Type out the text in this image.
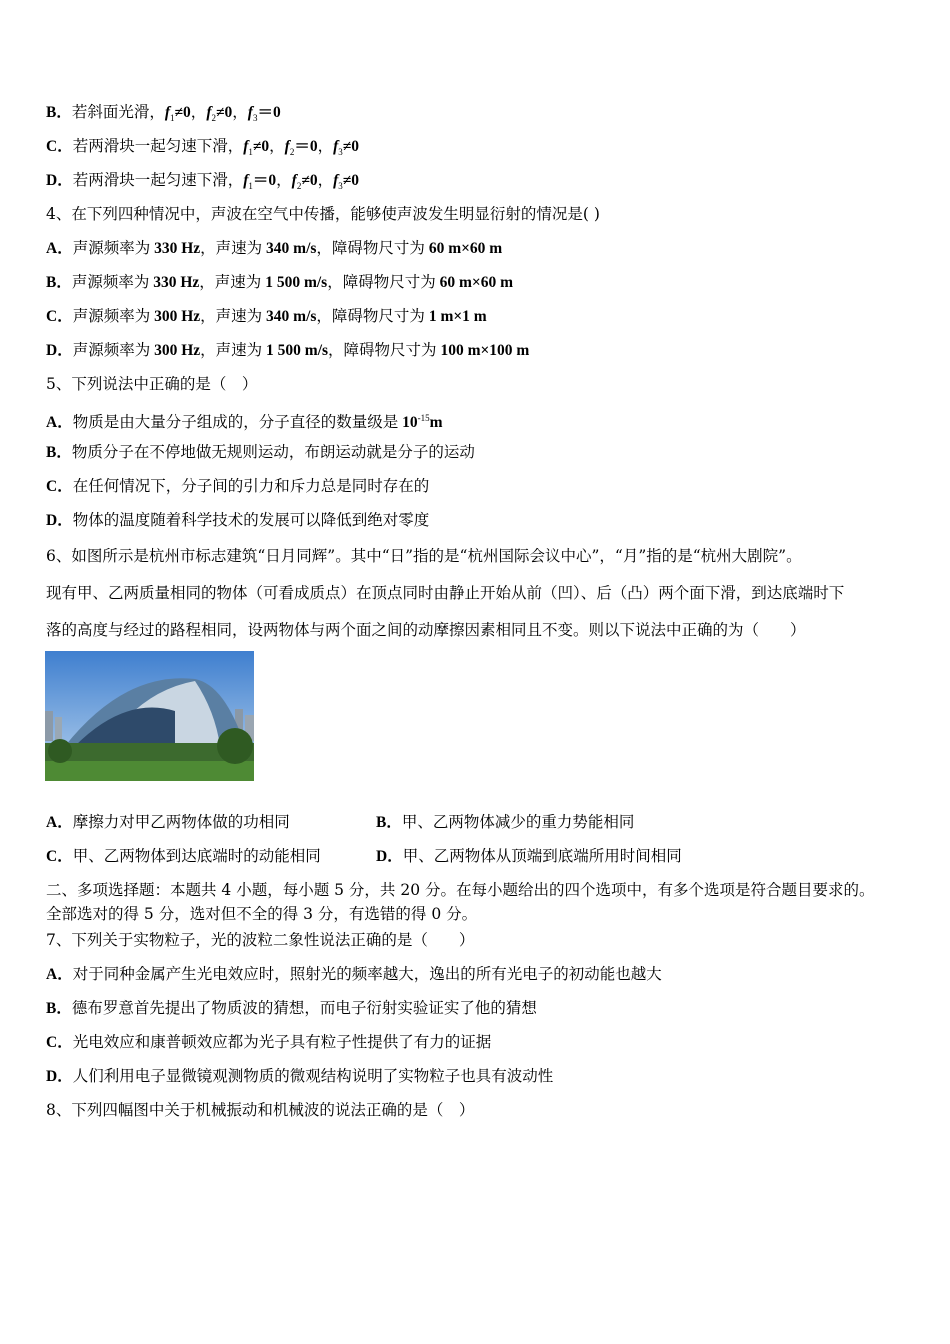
B．若斜面光滑，$f_1\ne 0$，$f_2\ne 0$，$f_3=0$
C．若两滑块一起匀速下滑，$f_1\ne 0$，$f_2=0$，$f_3\ne 0$
D．若两滑块一起匀速下滑，$f_1=0$，$f_2\ne 0$，$f_3\ne 0$
4、在下列四种情况中，声波在空气中传播，能够使声波发生明显衍射的情况是( )
A．声源频率为 330 Hz，声速为 340 m/s，障碍物尺寸为 60 m×60 m
B．声源频率为 330 Hz，声速为 1 500 m/s，障碍物尺寸为 60 m×60 m
C．声源频率为 300 Hz，声速为 340 m/s，障碍物尺寸为 1 m×1 m
D．声源频率为 300 Hz，声速为 1 500 m/s，障碍物尺寸为 100 m×100 m
5、下列说法中正确的是（　）
A．物质是由大量分子组成的，分子直径的数量级是 $10^{-15}m$
B．物质分子在不停地做无规则运动，布朗运动就是分子的运动
C．在任何情况下，分子间的引力和斥力总是同时存在的
D．物体的温度随着科学技术的发展可以降低到绝对零度
6、如图所示是杭州市标志建筑“日月同辉”。其中“日”指的是“杭州国际会议中心”，“月”指的是“杭州大剧院”。
现有甲、乙两质量相同的物体（可看成质点）在顶点同时由静止开始从前（凹）、后（凸）两个面下滑，到达底端时下
落的高度与经过的路程相同，设两物体与两个面之间的动摩擦因素相同且不变。则以下说法中正确的为（　　）
A．摩擦力对甲乙两物体做的功相同	B．甲、乙两物体减少的重力势能相同
C．甲、乙两物体到达底端时的动能相同	D．甲、乙两物体从顶端到底端所用时间相同
二、多项选择题：本题共 4 小题，每小题 5 分，共 20 分。在每小题给出的四个选项中，有多个选项是符合题目要求的。
全部选对的得 5 分，选对但不全的得 3 分，有选错的得 0 分。
7、下列关于实物粒子，光的波粒二象性说法正确的是（　　）
A．对于同种金属产生光电效应时，照射光的频率越大，逸出的所有光电子的初动能也越大
B．德布罗意首先提出了物质波的猜想，而电子衍射实验证实了他的猜想
C．光电效应和康普顿效应都为光子具有粒子性提供了有力的证据
D．人们利用电子显微镜观测物质的微观结构说明了实物粒子也具有波动性
8、下列四幅图中关于机械振动和机械波的说法正确的是（　）
